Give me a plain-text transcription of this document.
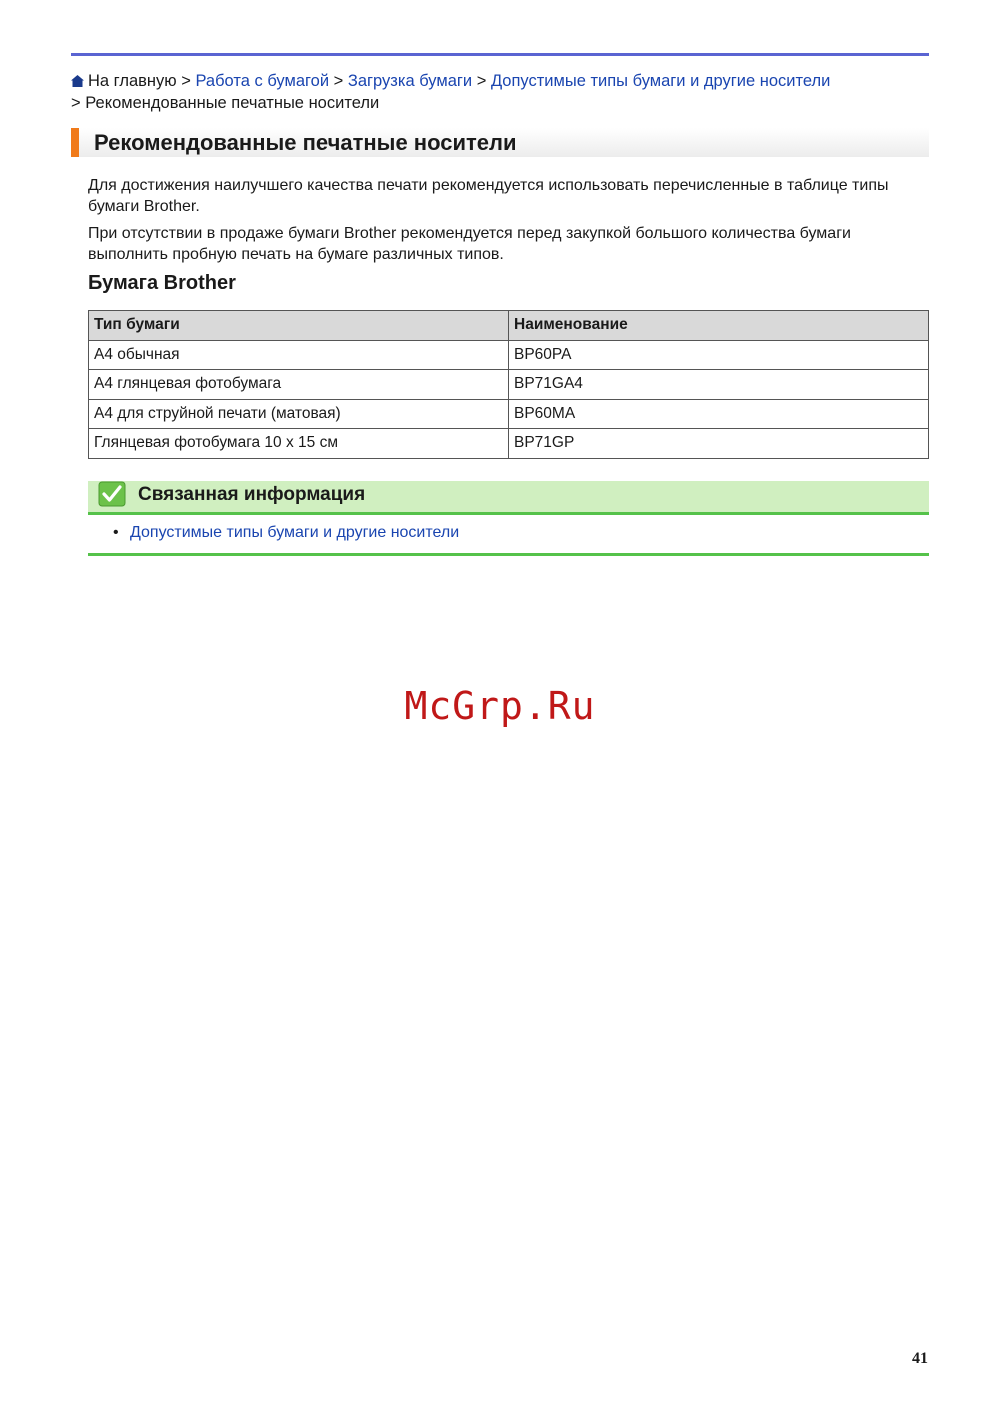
На главную > Работа с бумагой > Загрузка бумаги > Допустимые типы бумаги и другие носители > Рекомендованные печатные носители
Рекомендованные печатные носители
Для достижения наилучшего качества печати рекомендуется использовать перечисленные в таблице типы бумаги Brother.
При отсутствии в продаже бумаги Brother рекомендуется перед закупкой большого количества бумаги выполнить пробную печать на бумаге различных типов.
Бумага Brother
Тип бумаги	Наименование
A4 обычная	BP60PA
A4 глянцевая фотобумага	BP71GA4
A4 для струйной печати (матовая)	BP60MA
Глянцевая фотобумага 10 x 15 см	BP71GP
Связанная информация
• Допустимые типы бумаги и другие носители
McGrp.Ru
41
